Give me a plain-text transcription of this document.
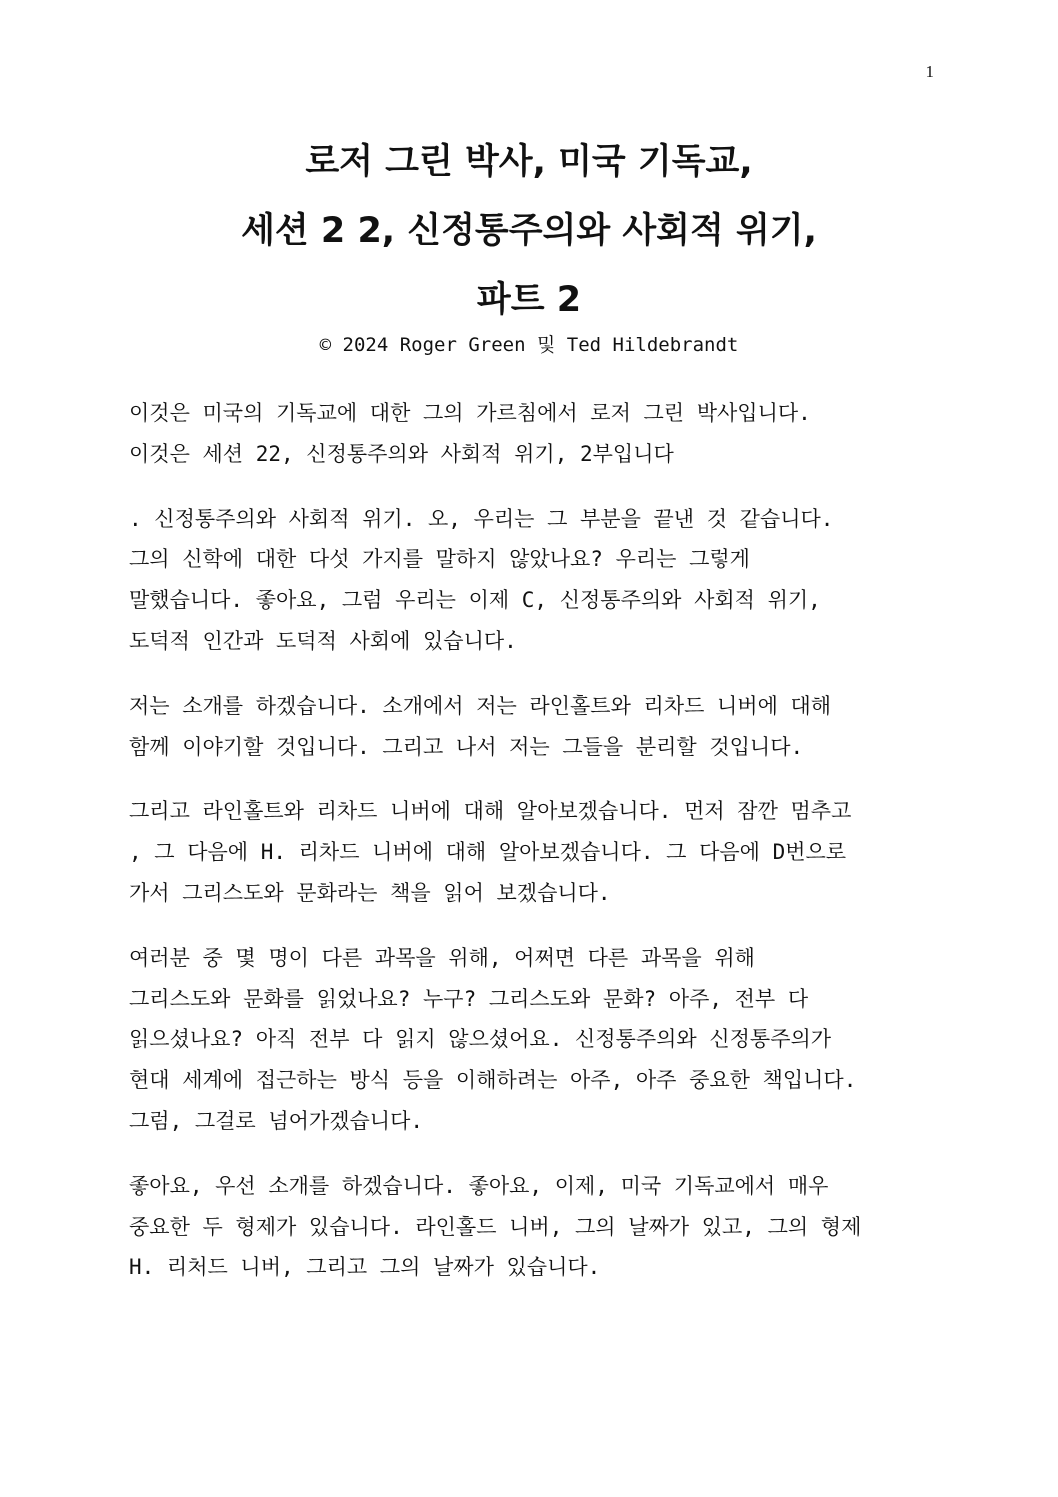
1
로저 그린 박사, 미국 기독교,
세션 2 2, 신정통주의와 사회적 위기,
파트 2
© 2024 Roger Green 및 Ted Hildebrandt

이것은 미국의 기독교에 대한 그의 가르침에서 로저 그린 박사입니다.
이것은 세션 22, 신정통주의와 사회적 위기, 2부입니다

. 신정통주의와 사회적 위기. 오, 우리는 그 부분을 끝낸 것 같습니다.
그의 신학에 대한 다섯 가지를 말하지 않았나요? 우리는 그렇게
말했습니다. 좋아요, 그럼 우리는 이제 C, 신정통주의와 사회적 위기,
도덕적 인간과 도덕적 사회에 있습니다.

저는 소개를 하겠습니다. 소개에서 저는 라인홀트와 리차드 니버에 대해
함께 이야기할 것입니다. 그리고 나서 저는 그들을 분리할 것입니다.

그리고 라인홀트와 리차드 니버에 대해 알아보겠습니다. 먼저 잠깐 멈추고
, 그 다음에 H. 리차드 니버에 대해 알아보겠습니다. 그 다음에 D번으로
가서 그리스도와 문화라는 책을 읽어 보겠습니다.

여러분 중 몇 명이 다른 과목을 위해, 어쩌면 다른 과목을 위해
그리스도와 문화를 읽었나요? 누구? 그리스도와 문화? 아주, 전부 다
읽으셨나요? 아직 전부 다 읽지 않으셨어요. 신정통주의와 신정통주의가
현대 세계에 접근하는 방식 등을 이해하려는 아주, 아주 중요한 책입니다.
그럼, 그걸로 넘어가겠습니다.

좋아요, 우선 소개를 하겠습니다. 좋아요, 이제, 미국 기독교에서 매우
중요한 두 형제가 있습니다. 라인홀드 니버, 그의 날짜가 있고, 그의 형제
H. 리처드 니버, 그리고 그의 날짜가 있습니다.
